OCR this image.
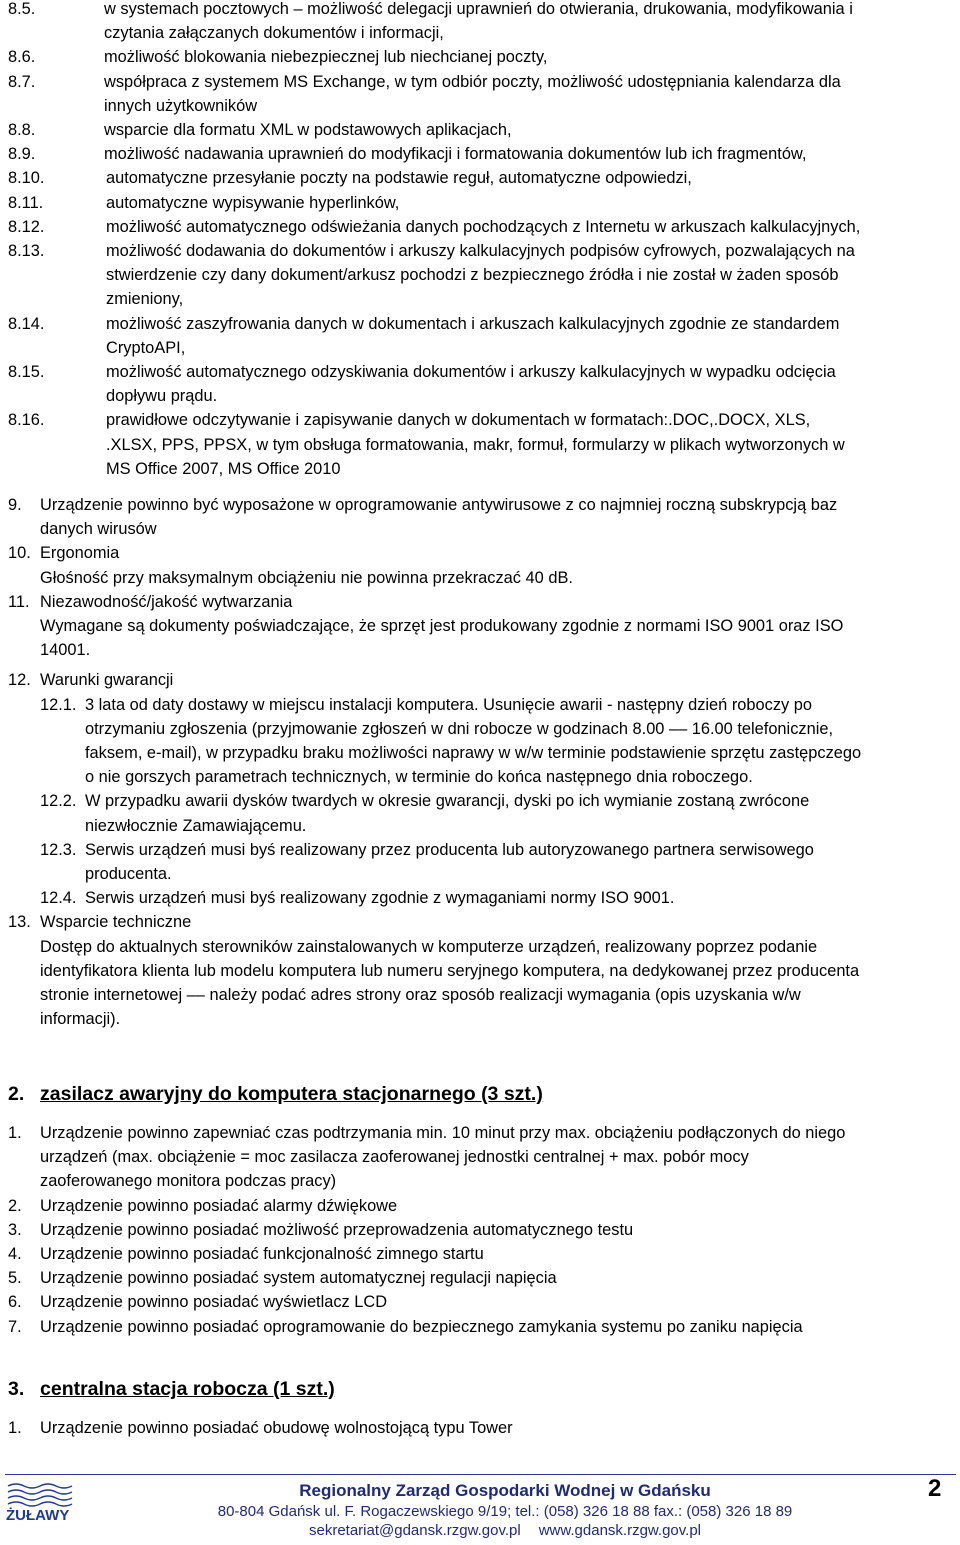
8.5.	w systemach pocztowych – możliwość delegacji uprawnień do otwierania, drukowania, modyfikowania i
czytania załączanych dokumentów i informacji,
8.6.	możliwość blokowania niebezpiecznej lub niechcianej poczty,
8.7.	współpraca z systemem MS Exchange, w tym odbiór poczty, możliwość udostępniania kalendarza dla
innych użytkowników
8.8.	wsparcie dla formatu XML w podstawowych aplikacjach,
8.9.	możliwość nadawania uprawnień do modyfikacji i formatowania dokumentów lub ich fragmentów,
8.10.	automatyczne przesyłanie poczty na podstawie reguł, automatyczne odpowiedzi,
8.11.	automatyczne wypisywanie hyperlinków,
8.12.	możliwość automatycznego odświeżania danych pochodzących z Internetu w arkuszach kalkulacyjnych,
8.13.	możliwość dodawania do dokumentów i arkuszy kalkulacyjnych podpisów cyfrowych, pozwalających na
stwierdzenie czy dany dokument/arkusz pochodzi z bezpiecznego źródła i nie został w żaden sposób
zmieniony,
8.14.	możliwość zaszyfrowania danych w dokumentach i arkuszach kalkulacyjnych zgodnie ze standardem
CryptoAPI,
8.15.	możliwość automatycznego odzyskiwania dokumentów i arkuszy kalkulacyjnych w wypadku odcięcia
dopływu prądu.
8.16.	prawidłowe odczytywanie i zapisywanie danych w dokumentach w formatach:.DOC,.DOCX, XLS,
.XLSX, PPS, PPSX, w tym obsługa formatowania, makr, formuł, formularzy w plikach wytworzonych w
MS Office 2007, MS Office 2010
9. Urządzenie powinno być wyposażone w oprogramowanie antywirusowe z co najmniej roczną subskrypcją baz
danych wirusów
10. Ergonomia
Głośność przy maksymalnym obciążeniu nie powinna przekraczać 40 dB.
11. Niezawodność/jakość wytwarzania
Wymagane są dokumenty poświadczające, że sprzęt jest produkowany zgodnie z normami ISO 9001 oraz ISO
14001.
12. Warunki gwarancji
12.1. 3 lata od daty dostawy w miejscu instalacji komputera. Usunięcie awarii - następny dzień roboczy po
otrzymaniu zgłoszenia (przyjmowanie zgłoszeń w dni robocze w godzinach 8.00 –– 16.00 telefonicznie,
faksem, e-mail), w przypadku braku możliwości naprawy w w/w terminie podstawienie sprzętu zastępczego
o nie gorszych parametrach technicznych, w terminie do końca następnego dnia roboczego.
12.2. W przypadku awarii dysków twardych w okresie gwarancji, dyski po ich wymianie zostaną zwrócone
niezwłocznie Zamawiającemu.
12.3. Serwis urządzeń musi byś realizowany przez producenta lub autoryzowanego partnera serwisowego
producenta.
12.4. Serwis urządzeń musi byś realizowany zgodnie z wymaganiami normy ISO 9001.
13. Wsparcie techniczne
Dostęp do aktualnych sterowników zainstalowanych w komputerze urządzeń, realizowany poprzez podanie
identyfikatora klienta lub modelu komputera lub numeru seryjnego komputera, na dedykowanej przez producenta
stronie internetowej –– należy podać adres strony oraz sposób realizacji wymagania (opis uzyskania w/w
informacji).
2. zasilacz awaryjny do komputera stacjonarnego (3 szt.)
1. Urządzenie powinno zapewniać czas podtrzymania min. 10 minut przy max. obciążeniu podłączonych do niego
urządzeń (max. obciążenie = moc zasilacza zaoferowanej jednostki centralnej + max. pobór mocy
zaoferowanego monitora podczas pracy)
2. Urządzenie powinno posiadać alarmy dźwiękowe
3. Urządzenie powinno posiadać możliwość przeprowadzenia automatycznego testu
4. Urządzenie powinno posiadać funkcjonalność zimnego startu
5. Urządzenie powinno posiadać system automatycznej regulacji napięcia
6. Urządzenie powinno posiadać wyświetlacz LCD
7. Urządzenie powinno posiadać oprogramowanie do bezpiecznego zamykania systemu po zaniku napięcia
3. centralna stacja robocza (1 szt.)
1. Urządzenie powinno posiadać obudowę wolnostojącą typu Tower
ŻUŁAWY
Regionalny Zarząd Gospodarki Wodnej w Gdańsku
80-804 Gdańsk ul. F. Rogaczewskiego 9/19; tel.: (058) 326 18 88 fax.: (058) 326 18 89
sekretariat@gdansk.rzgw.gov.pl www.gdansk.rzgw.gov.pl
2
